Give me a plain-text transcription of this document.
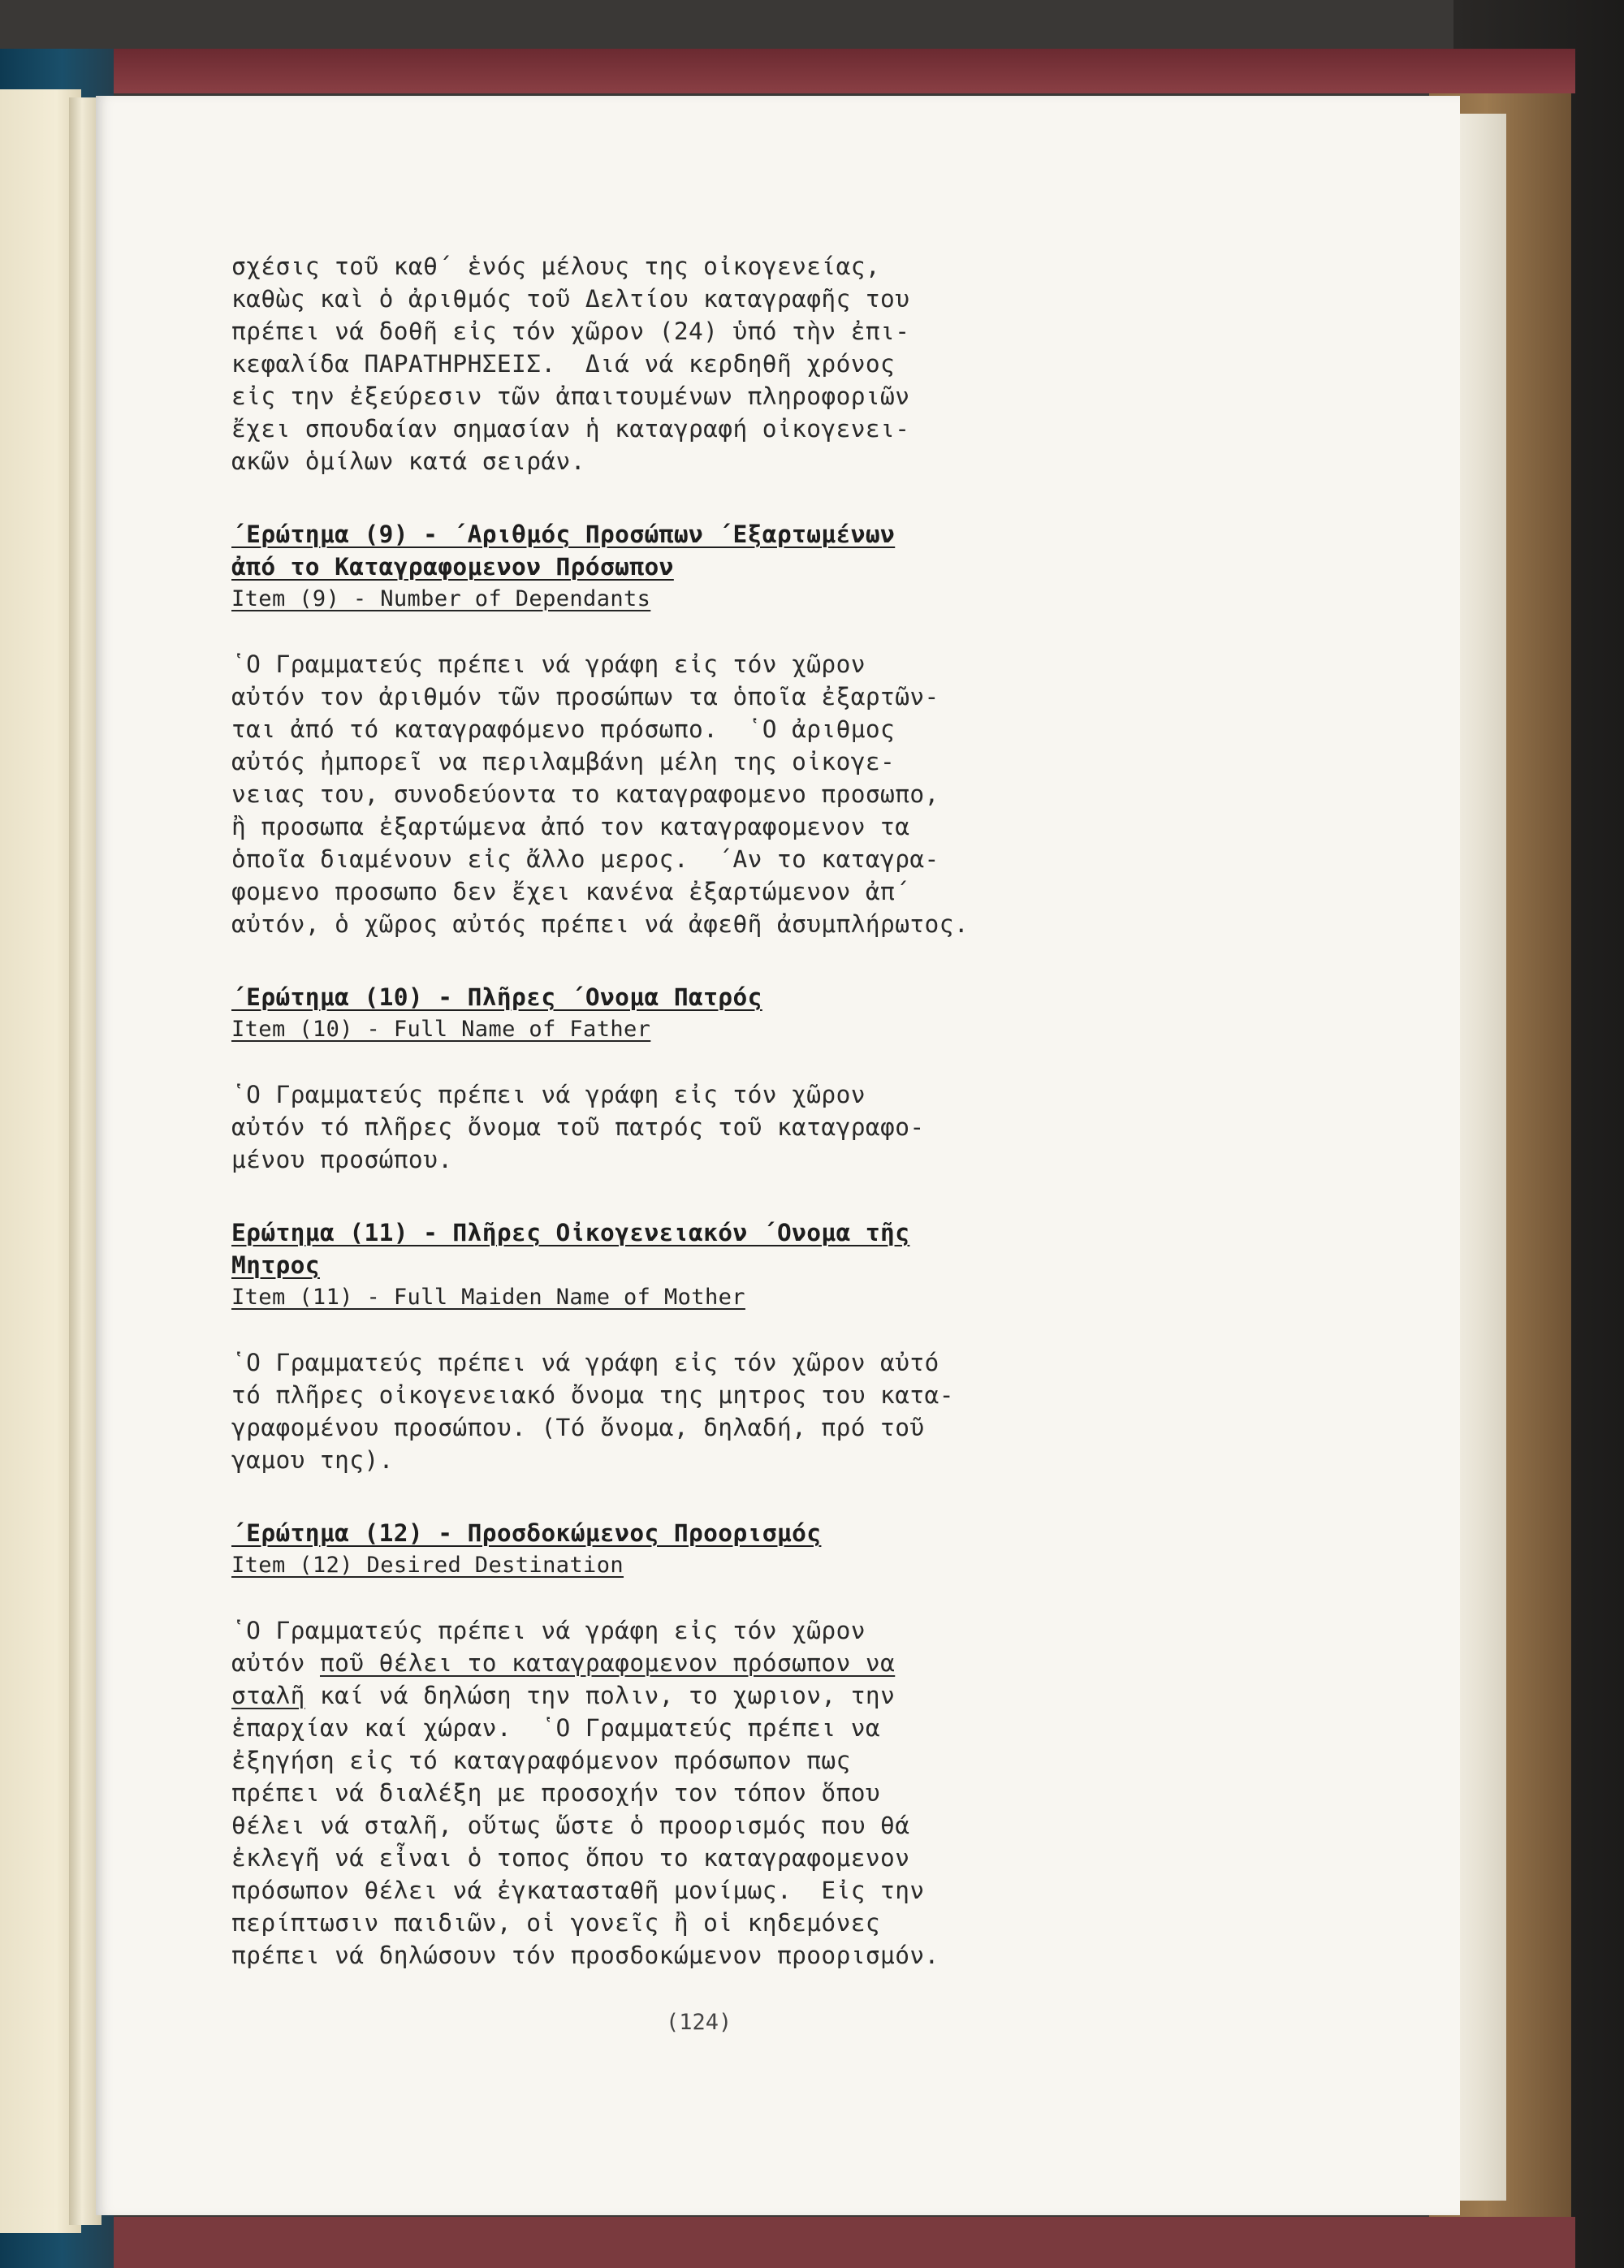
σχέσις τοῦ καθ΄ ἑνός μέλους της οἰκογενείας,

καθὼς καὶ ὁ ἀριθμός τοῦ Δελτίου καταγραφῆς του

πρέπει νά δοθῆ εἰς τόν χῶρον (24) ὑπό τὴν ἐπι-

κεφαλίδα ΠΑΡΑΤΗΡΗΣΕΙΣ.  Διά νά κερδηθῆ χρόνος

εἰς την ἐξεύρεσιν τῶν ἀπαιτουμένων πληροφοριῶν

ἔχει σπουδαίαν σημασίαν ἡ καταγραφή οἰκογενει-

ακῶν ὁμίλων κατά σειράν.

΄Ερώτημα (9) - ΄Αριθμός Προσώπων ΄Εξαρτωμένων

ἀπό το Καταγραφομενον Πρόσωπον

Item (9) - Number of Dependants

῾Ο Γραμματεύς πρέπει νά γράφη εἰς τόν χῶρον

αὐτόν τον ἀριθμόν τῶν προσώπων τα ὁποῖα ἐξαρτῶν-

ται ἀπό τό καταγραφόμενο πρόσωπο.  ῾Ο ἀριθμος

αὐτός ἠμπορεῖ να περιλαμβάνη μέλη της οἰκογε-

νειας του, συνοδεύοντα το καταγραφομενο προσωπο,

ἢ προσωπα ἐξαρτώμενα ἀπό τον καταγραφομενον τα

ὁποῖα διαμένουν εἰς ἄλλο μερος.  ΄Αν το καταγρα-

φομενο προσωπο δεν ἔχει κανένα ἐξαρτώμενον ἀπ΄

αὐτόν, ὁ χῶρος αὐτός πρέπει νά ἀφεθῆ ἀσυμπλήρωτος.

΄Ερώτημα (10) - Πλῆρες ΄Ονομα Πατρός

Item (10) - Full Name of Father

῾Ο Γραμματεύς πρέπει νά γράφη εἰς τόν χῶρον

αὐτόν τό πλῆρες ὄνομα τοῦ πατρός τοῦ καταγραφο-

μένου προσώπου.

Ερώτημα (11) - Πλῆρες Οἰκογενειακόν ΄Ονομα τῆς

Μητρος

Item (11) - Full Maiden Name of Mother

῾Ο Γραμματεύς πρέπει νά γράφη εἰς τόν χῶρον αὐτό

τό πλῆρες οἰκογενειακό ὄνομα της μητρος του κατα-

γραφομένου προσώπου. (Τό ὄνομα, δηλαδή, πρό τοῦ

γαμου της).

΄Ερώτημα (12) - Προσδοκώμενος Προορισμός

Item (12) Desired Destination

῾Ο Γραμματεύς πρέπει νά γράφη εἰς τόν χῶρον

αὐτόν ποῦ θέλει το καταγραφομενον πρόσωπον να

σταλῆ καί νά δηλώση την πολιν, το χωριον, την

ἐπαρχίαν καί χώραν.  ῾Ο Γραμματεύς πρέπει να

ἐξηγήση εἰς τό καταγραφόμενον πρόσωπον πως

πρέπει νά διαλέξη με προσοχήν τον τόπον ὅπου

θέλει νά σταλῆ, οὕτως ὥστε ὁ προορισμός που θά

ἐκλεγῆ νά εἶναι ὁ τοπος ὅπου το καταγραφομενον

πρόσωπον θέλει νά ἐγκατασταθῆ μονίμως.  Εἰς την

περίπτωσιν παιδιῶν, οἱ γονεῖς ἢ οἱ κηδεμόνες

πρέπει νά δηλώσουν τόν προσδοκώμενον προορισμόν.

(124)
